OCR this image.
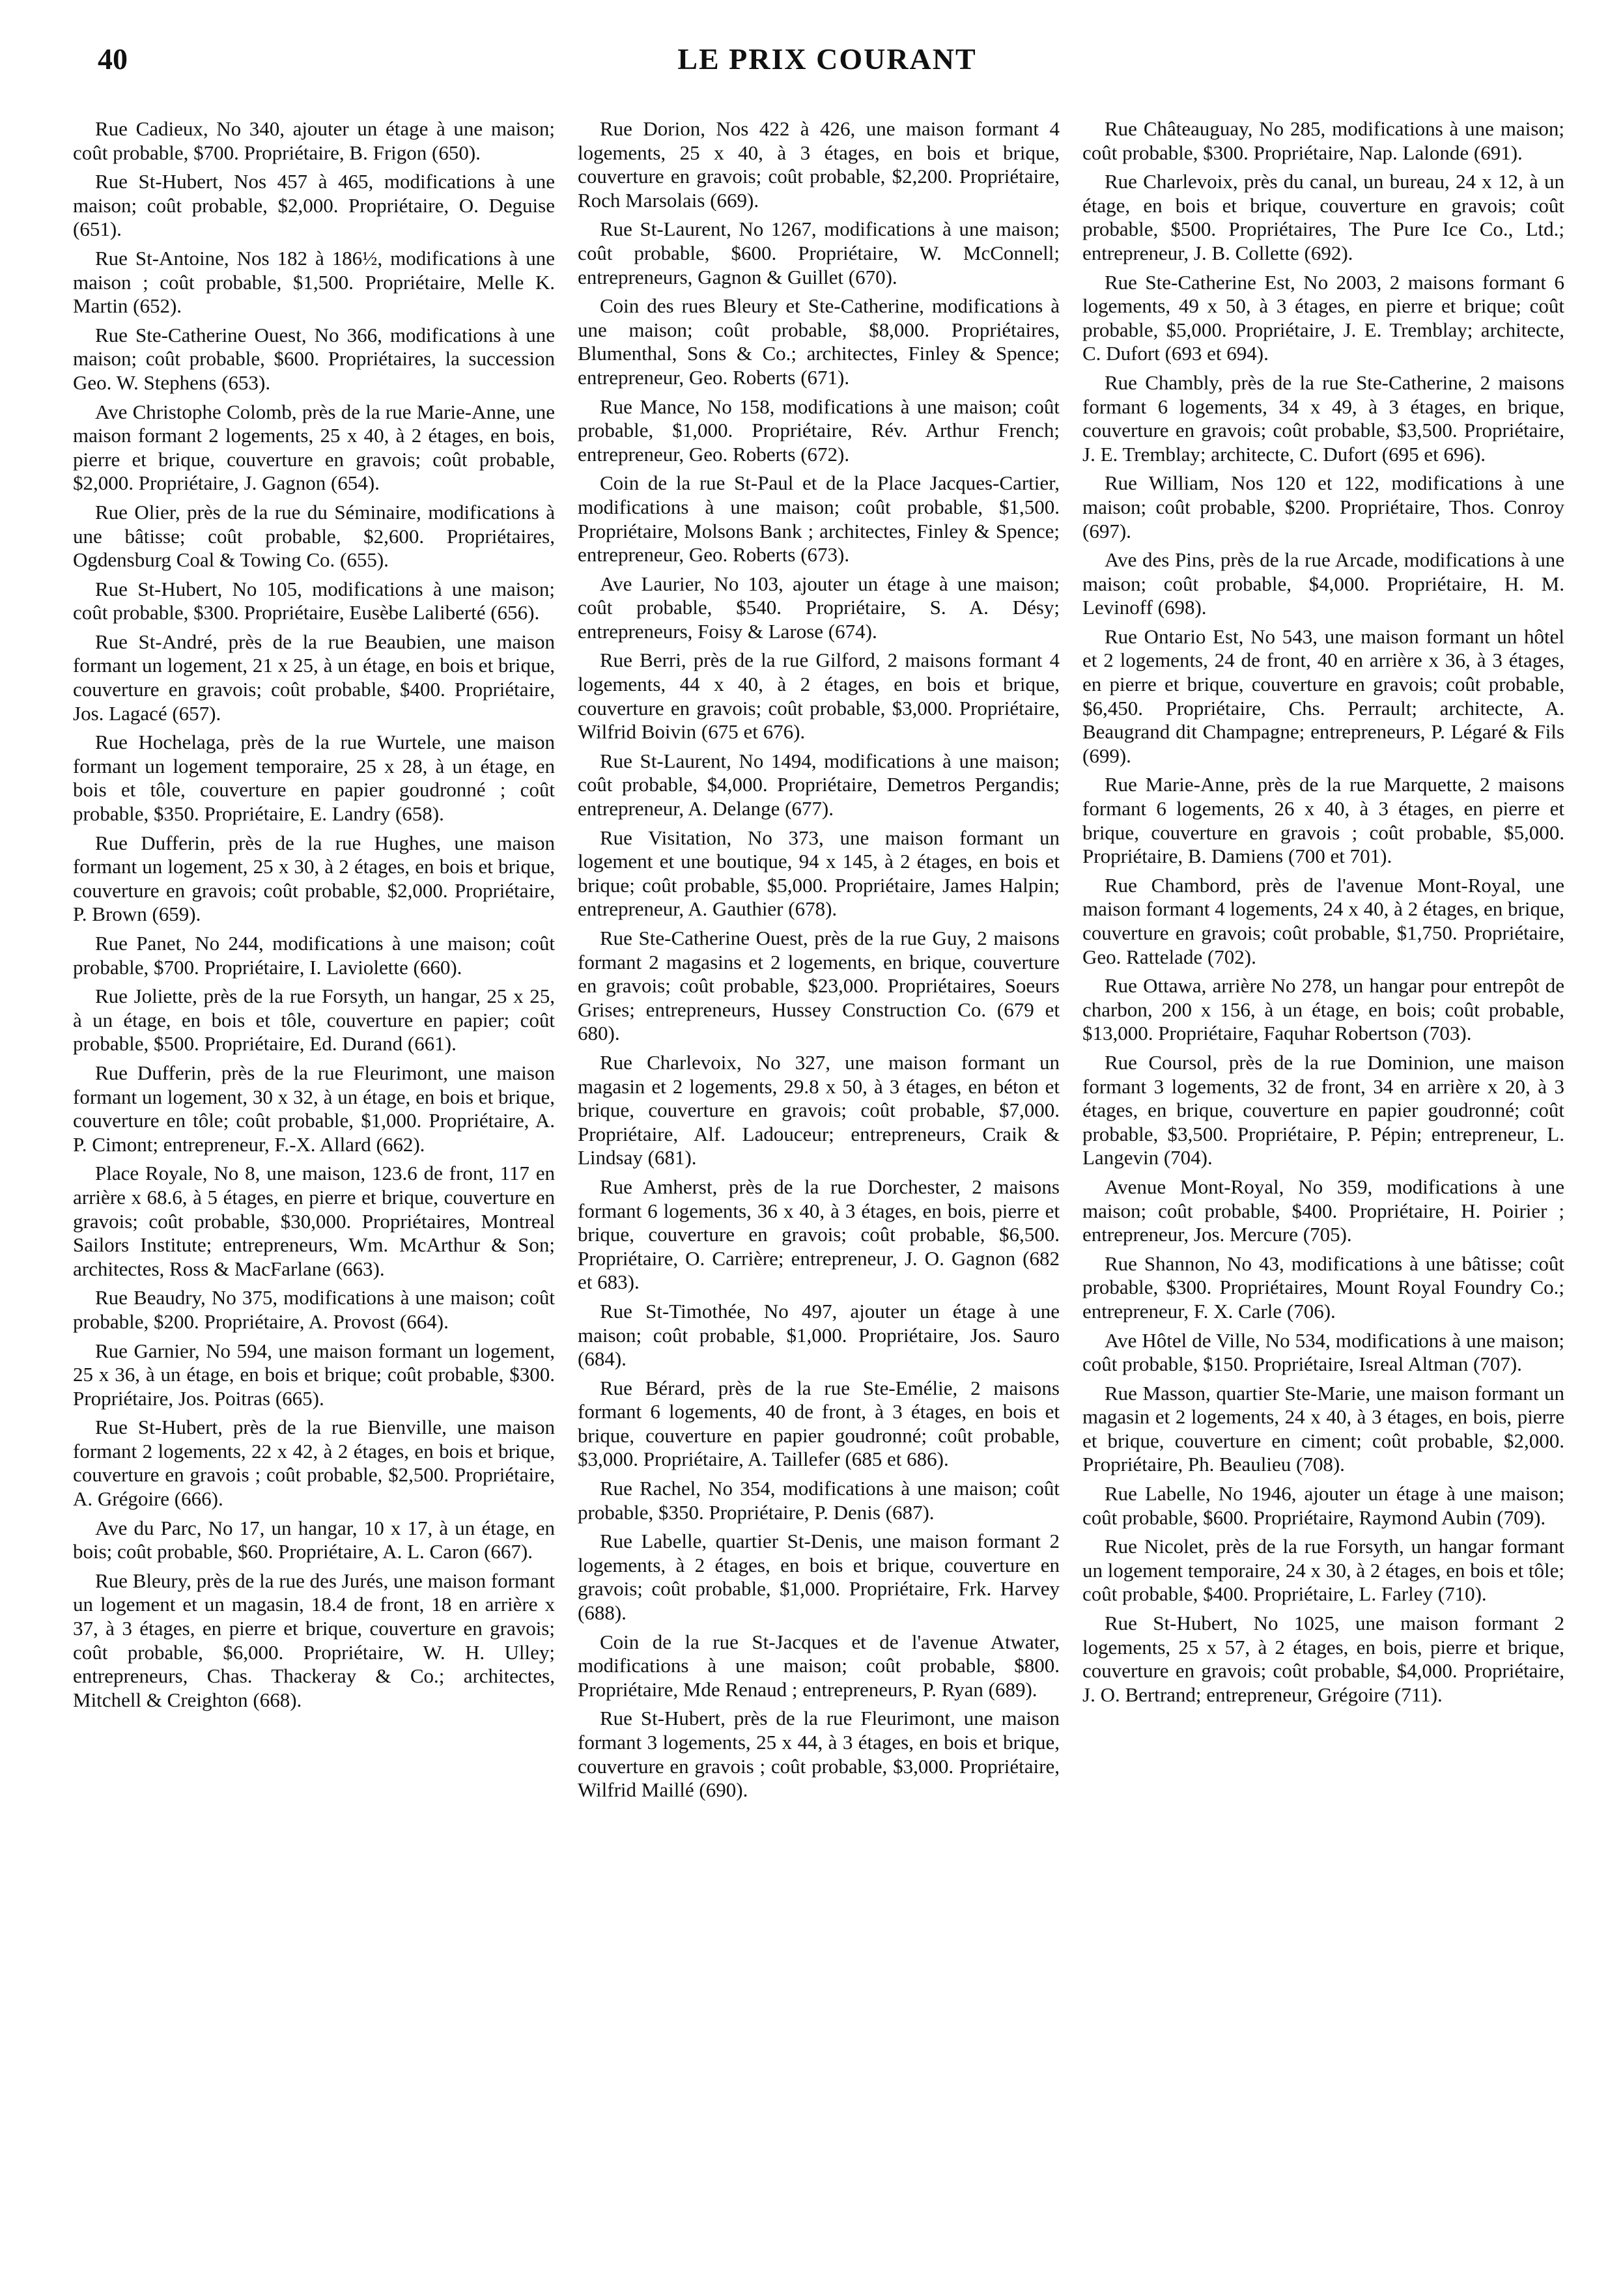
40	LE PRIX COURANT

Rue Cadieux, No 340, ajouter un étage à une maison; coût probable, $700. Propriétaire, B. Frigon (650).

Rue St-Hubert, Nos 457 à 465, modifications à une maison; coût probable, $2,000. Propriétaire, O. Deguise (651).

Rue St-Antoine, Nos 182 à 186½, modifications à une maison ; coût probable, $1,500. Propriétaire, Melle K. Martin (652).

Rue Ste-Catherine Ouest, No 366, modifications à une maison; coût probable, $600. Propriétaires, la succession Geo. W. Stephens (653).

Ave Christophe Colomb, près de la rue Marie-Anne, une maison formant 2 logements, 25 x 40, à 2 étages, en bois, pierre et brique, couverture en gravois; coût probable, $2,000. Propriétaire, J. Gagnon (654).

Rue Olier, près de la rue du Séminaire, modifications à une bâtisse; coût probable, $2,600. Propriétaires, Ogdensburg Coal & Towing Co. (655).

Rue St-Hubert, No 105, modifications à une maison; coût probable, $300. Propriétaire, Eusèbe Laliberté (656).

Rue St-André, près de la rue Beaubien, une maison formant un logement, 21 x 25, à un étage, en bois et brique, couverture en gravois; coût probable, $400. Propriétaire, Jos. Lagacé (657).

Rue Hochelaga, près de la rue Wurtele, une maison formant un logement temporaire, 25 x 28, à un étage, en bois et tôle, couverture en papier goudronné ; coût probable, $350. Propriétaire, E. Landry (658).

Rue Dufferin, près de la rue Hughes, une maison formant un logement, 25 x 30, à 2 étages, en bois et brique, couverture en gravois; coût probable, $2,000. Propriétaire, P. Brown (659).

Rue Panet, No 244, modifications à une maison; coût probable, $700. Propriétaire, I. Laviolette (660).

Rue Joliette, près de la rue Forsyth, un hangar, 25 x 25, à un étage, en bois et tôle, couverture en papier; coût probable, $500. Propriétaire, Ed. Durand (661).

Rue Dufferin, près de la rue Fleurimont, une maison formant un logement, 30 x 32, à un étage, en bois et brique, couverture en tôle; coût probable, $1,000. Propriétaire, A. P. Cimont; entrepreneur, F.-X. Allard (662).

Place Royale, No 8, une maison, 123.6 de front, 117 en arrière x 68.6, à 5 étages, en pierre et brique, couverture en gravois; coût probable, $30,000. Propriétaires, Montreal Sailors Institute; entrepreneurs, Wm. McArthur & Son; architectes, Ross & MacFarlane (663).

Rue Beaudry, No 375, modifications à une maison; coût probable, $200. Propriétaire, A. Provost (664).

Rue Garnier, No 594, une maison formant un logement, 25 x 36, à un étage, en bois et brique; coût probable, $300. Propriétaire, Jos. Poitras (665).

Rue St-Hubert, près de la rue Bienville, une maison formant 2 logements, 22 x 42, à 2 étages, en bois et brique, couverture en gravois ; coût probable, $2,500. Propriétaire, A. Grégoire (666).

Ave du Parc, No 17, un hangar, 10 x 17, à un étage, en bois; coût probable, $60. Propriétaire, A. L. Caron (667).

Rue Bleury, près de la rue des Jurés, une maison formant un logement et un magasin, 18.4 de front, 18 en arrière x 37, à 3 étages, en pierre et brique, couverture en gravois; coût probable, $6,000. Propriétaire, W. H. Ulley; entrepreneurs, Chas. Thackeray & Co.; architectes, Mitchell & Creighton (668).

Rue Dorion, Nos 422 à 426, une maison formant 4 logements, 25 x 40, à 3 étages, en bois et brique, couverture en gravois; coût probable, $2,200. Propriétaire, Roch Marsolais (669).

Rue St-Laurent, No 1267, modifications à une maison; coût probable, $600. Propriétaire, W. McConnell; entrepreneurs, Gagnon & Guillet (670).

Coin des rues Bleury et Ste-Catherine, modifications à une maison; coût probable, $8,000. Propriétaires, Blumenthal, Sons & Co.; architectes, Finley & Spence; entrepreneur, Geo. Roberts (671).

Rue Mance, No 158, modifications à une maison; coût probable, $1,000. Propriétaire, Rév. Arthur French; entrepreneur, Geo. Roberts (672).

Coin de la rue St-Paul et de la Place Jacques-Cartier, modifications à une maison; coût probable, $1,500. Propriétaire, Molsons Bank ; architectes, Finley & Spence; entrepreneur, Geo. Roberts (673).

Ave Laurier, No 103, ajouter un étage à une maison; coût probable, $540. Propriétaire, S. A. Désy; entrepreneurs, Foisy & Larose (674).

Rue Berri, près de la rue Gilford, 2 maisons formant 4 logements, 44 x 40, à 2 étages, en bois et brique, couverture en gravois; coût probable, $3,000. Propriétaire, Wilfrid Boivin (675 et 676).

Rue St-Laurent, No 1494, modifications à une maison; coût probable, $4,000. Propriétaire, Demetros Pergandis; entrepreneur, A. Delange (677).

Rue Visitation, No 373, une maison formant un logement et une boutique, 94 x 145, à 2 étages, en bois et brique; coût probable, $5,000. Propriétaire, James Halpin; entrepreneur, A. Gauthier (678).

Rue Ste-Catherine Ouest, près de la rue Guy, 2 maisons formant 2 magasins et 2 logements, en brique, couverture en gravois; coût probable, $23,000. Propriétaires, Soeurs Grises; entrepreneurs, Hussey Construction Co. (679 et 680).

Rue Charlevoix, No 327, une maison formant un magasin et 2 logements, 29.8 x 50, à 3 étages, en béton et brique, couverture en gravois; coût probable, $7,000. Propriétaire, Alf. Ladouceur; entrepreneurs, Craik & Lindsay (681).

Rue Amherst, près de la rue Dorchester, 2 maisons formant 6 logements, 36 x 40, à 3 étages, en bois, pierre et brique, couverture en gravois; coût probable, $6,500. Propriétaire, O. Carrière; entrepreneur, J. O. Gagnon (682 et 683).

Rue St-Timothée, No 497, ajouter un étage à une maison; coût probable, $1,000. Propriétaire, Jos. Sauro (684).

Rue Bérard, près de la rue Ste-Emélie, 2 maisons formant 6 logements, 40 de front, à 3 étages, en bois et brique, couverture en papier goudronné; coût probable, $3,000. Propriétaire, A. Taillefer (685 et 686).

Rue Rachel, No 354, modifications à une maison; coût probable, $350. Propriétaire, P. Denis (687).

Rue Labelle, quartier St-Denis, une maison formant 2 logements, à 2 étages, en bois et brique, couverture en gravois; coût probable, $1,000. Propriétaire, Frk. Harvey (688).

Coin de la rue St-Jacques et de l'avenue Atwater, modifications à une maison; coût probable, $800. Propriétaire, Mde Renaud ; entrepreneurs, P. Ryan (689).

Rue St-Hubert, près de la rue Fleurimont, une maison formant 3 logements, 25 x 44, à 3 étages, en bois et brique, couverture en gravois ; coût probable, $3,000. Propriétaire, Wilfrid Maillé (690).

Rue Châteauguay, No 285, modifications à une maison; coût probable, $300. Propriétaire, Nap. Lalonde (691).

Rue Charlevoix, près du canal, un bureau, 24 x 12, à un étage, en bois et brique, couverture en gravois; coût probable, $500. Propriétaires, The Pure Ice Co., Ltd.; entrepreneur, J. B. Collette (692).

Rue Ste-Catherine Est, No 2003, 2 maisons formant 6 logements, 49 x 50, à 3 étages, en pierre et brique; coût probable, $5,000. Propriétaire, J. E. Tremblay; architecte, C. Dufort (693 et 694).

Rue Chambly, près de la rue Ste-Catherine, 2 maisons formant 6 logements, 34 x 49, à 3 étages, en brique, couverture en gravois; coût probable, $3,500. Propriétaire, J. E. Tremblay; architecte, C. Dufort (695 et 696).

Rue William, Nos 120 et 122, modifications à une maison; coût probable, $200. Propriétaire, Thos. Conroy (697).

Ave des Pins, près de la rue Arcade, modifications à une maison; coût probable, $4,000. Propriétaire, H. M. Levinoff (698).

Rue Ontario Est, No 543, une maison formant un hôtel et 2 logements, 24 de front, 40 en arrière x 36, à 3 étages, en pierre et brique, couverture en gravois; coût probable, $6,450. Propriétaire, Chs. Perrault; architecte, A. Beaugrand dit Champagne; entrepreneurs, P. Légaré & Fils (699).

Rue Marie-Anne, près de la rue Marquette, 2 maisons formant 6 logements, 26 x 40, à 3 étages, en pierre et brique, couverture en gravois ; coût probable, $5,000. Propriétaire, B. Damiens (700 et 701).

Rue Chambord, près de l'avenue Mont-Royal, une maison formant 4 logements, 24 x 40, à 2 étages, en brique, couverture en gravois; coût probable, $1,750. Propriétaire, Geo. Rattelade (702).

Rue Ottawa, arrière No 278, un hangar pour entrepôt de charbon, 200 x 156, à un étage, en bois; coût probable, $13,000. Propriétaire, Faquhar Robertson (703).

Rue Coursol, près de la rue Dominion, une maison formant 3 logements, 32 de front, 34 en arrière x 20, à 3 étages, en brique, couverture en papier goudronné; coût probable, $3,500. Propriétaire, P. Pépin; entrepreneur, L. Langevin (704).

Avenue Mont-Royal, No 359, modifications à une maison; coût probable, $400. Propriétaire, H. Poirier ; entrepreneur, Jos. Mercure (705).

Rue Shannon, No 43, modifications à une bâtisse; coût probable, $300. Propriétaires, Mount Royal Foundry Co.; entrepreneur, F. X. Carle (706).

Ave Hôtel de Ville, No 534, modifications à une maison; coût probable, $150. Propriétaire, Isreal Altman (707).

Rue Masson, quartier Ste-Marie, une maison formant un magasin et 2 logements, 24 x 40, à 3 étages, en bois, pierre et brique, couverture en ciment; coût probable, $2,000. Propriétaire, Ph. Beaulieu (708).

Rue Labelle, No 1946, ajouter un étage à une maison; coût probable, $600. Propriétaire, Raymond Aubin (709).

Rue Nicolet, près de la rue Forsyth, un hangar formant un logement temporaire, 24 x 30, à 2 étages, en bois et tôle; coût probable, $400. Propriétaire, L. Farley (710).

Rue St-Hubert, No 1025, une maison formant 2 logements, 25 x 57, à 2 étages, en bois, pierre et brique, couverture en gravois; coût probable, $4,000. Propriétaire, J. O. Bertrand; entrepreneur, Grégoire (711).
